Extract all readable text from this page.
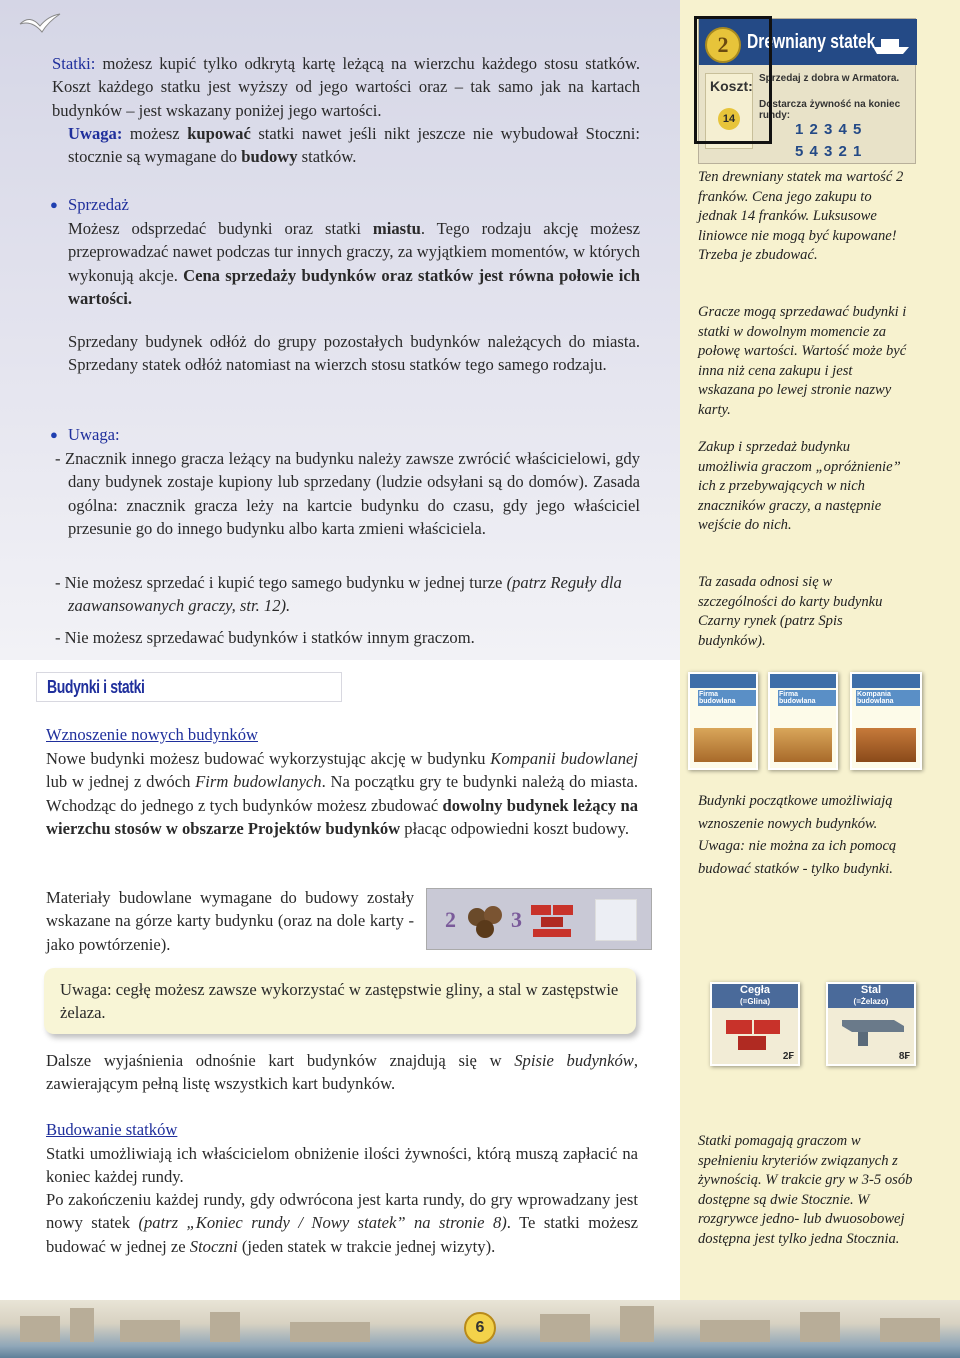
Statki: możesz kupić tylko odkrytą kartę leżącą na wierzchu każdego stosu statków. Koszt każdego statku jest wyższy od jego wartości oraz – tak samo jak na kartach budynków – jest wskazany poniżej jego wartości.
Uwaga: możesz kupować statki nawet jeśli nikt jeszcze nie wybudował Stoczni: stocznie są wymagane do budowy statków.
● Sprzedaż
Możesz odsprzedać budynki oraz statki miastu. Tego rodzaju akcję możesz przeprowadzać nawet podczas tur innych graczy, za wyjątkiem momentów, w których wykonują akcje. Cena sprzedaży budynków oraz statków jest równa połowie ich wartości.
Sprzedany budynek odłóż do grupy pozostałych budynków należących do miasta. Sprzedany statek odłóż natomiast na wierzch stosu statków tego samego rodzaju.
● Uwaga:
- Znacznik innego gracza leżący na budynku należy zawsze zwrócić właścicielowi, gdy dany budynek zostaje kupiony lub sprzedany (ludzie odsyłani są do domów). Zasada ogólna: znacznik gracza leży na kartcie budynku do czasu, gdy jego właściciel przesunie go do innego budynku albo karta zmieni właściciela.
- Nie możesz sprzedać i kupić tego samego budynku w jednej turze (patrz Reguły dla zaawansowanych graczy, str. 12).
- Nie możesz sprzedawać budynków i statków innym graczom.
2 Drewniany statek
Koszt:
14
Sprzedaj z dobra w Armatora.
Dostarcza żywność na koniec rundy:
1 2 3 4 5
5 4 3 2 1
Ten drewniany statek ma wartość 2 franków. Cena jego zakupu to jednak 14 franków. Luksusowe liniowce nie mogą być kupowane! Trzeba je zbudować.
Gracze mogą sprzedawać budynki i statki w dowolnym momencie za połowę wartości. Wartość może być inna niż cena zakupu i jest wskazana po lewej stronie nazwy karty.
Zakup i sprzedaż budynku umożliwia graczom „opróżnienie” ich z przebywających w nich znaczników graczy, a następnie wejście do nich.
Ta zasada odnosi się w szczególności do karty budynku Czarny rynek (patrz Spis budynków).
Firma budowlana
Firma budowlana
Kompania budowlana
Budynki początkowe umożliwiają wznoszenie nowych budynków. Uwaga: nie można za ich pomocą budować statków - tylko budynki.
Cegła
(=Glina)
2₣
Stal
(=Żelazo)
8₣
Statki pomagają graczom w spełnieniu kryteriów związanych z żywnością. W trakcie gry w 3-5 osób dostępne są dwie Stocznie. W rozgrywce jedno- lub dwuosobowej dostępna jest tylko jedna Stocznia.
Budynki i statki
Wznoszenie nowych budynków
Nowe budynki możesz budować wykorzystując akcję w budynku Kompanii budowlanej lub w jednej z dwóch Firm budowlanych. Na początku gry te budynki należą do miasta. Wchodząc do jednego z tych budynków możesz zbudować dowolny budynek leżący na wierzchu stosów w obszarze Projektów budynków płacąc odpowiedni koszt budowy.
Materiały budowlane wymagane do budowy zostały wskazane na górze karty budynku (oraz na dole karty - jako powtórzenie).
2	3
Uwaga: cegłę możesz zawsze wykorzystać w zastępstwie gliny, a stal w zastępstwie żelaza.
Dalsze wyjaśnienia odnośnie kart budynków znajdują się w Spisie budynków, zawierającym pełną listę wszystkich kart budynków.
Budowanie statków
Statki umożliwiają ich właścicielom obniżenie ilości żywności, którą muszą zapłacić na koniec każdej rundy.
Po zakończeniu każdej rundy, gdy odwrócona jest karta rundy, do gry wprowadzany jest nowy statek (patrz „Koniec rundy / Nowy statek” na stronie 8). Te statki możesz budować w jednej ze Stoczni (jeden statek w trakcie jednej wizyty).
6
